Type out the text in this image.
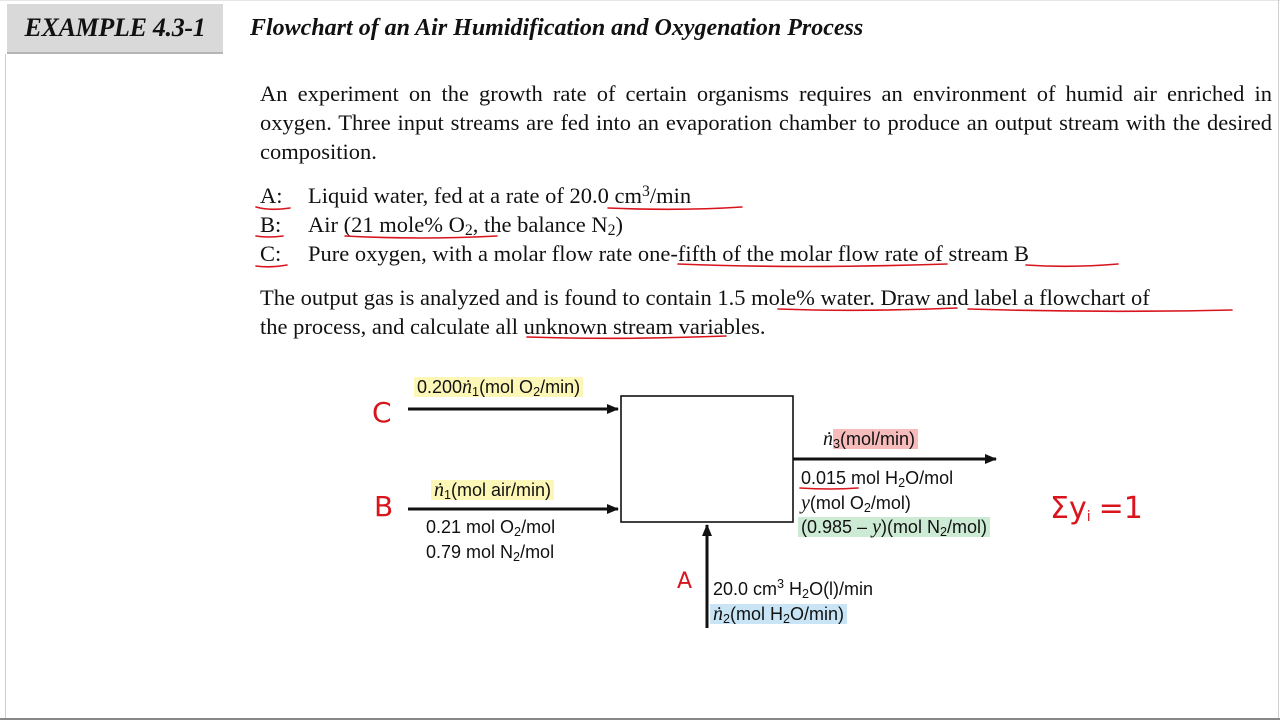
EXAMPLE 4.3-1	Flowchart of an Air Humidification and Oxygenation Process
An experiment on the growth rate of certain organisms requires an environment of humid air enriched in oxygen. Three input streams are fed into an evaporation chamber to produce an output stream with the desired composition.
A: Liquid water, fed at a rate of 20.0 $cm^3/\min$
B: Air (21 mole% $O_2$, the balance $N_2$)
C: Pure oxygen, with a molar flow rate one-fifth of the molar flow rate of stream B
The output gas is analyzed and is found to contain 1.5 mole% water. Draw and label a flowchart of
the process, and calculate all unknown stream variables.
0.200ṅ$_1$(mol $O_2/\min$)
ṅ$_1$(mol air/min)
0.21 mol $O_2$/mol
0.79 mol $N_2$/mol
ṅ$_3$(mol/min)
0.015 mol $H_2O$/mol
y(mol $O_2/mol$)
(0.985 – y)(mol $N_2/mol$)
20.0 $cm^3$ $H_2O(l)/\min$
ṅ$_2$(mol $H_2O/\min$)
C
B
A
$\Sigma y_i =1$
